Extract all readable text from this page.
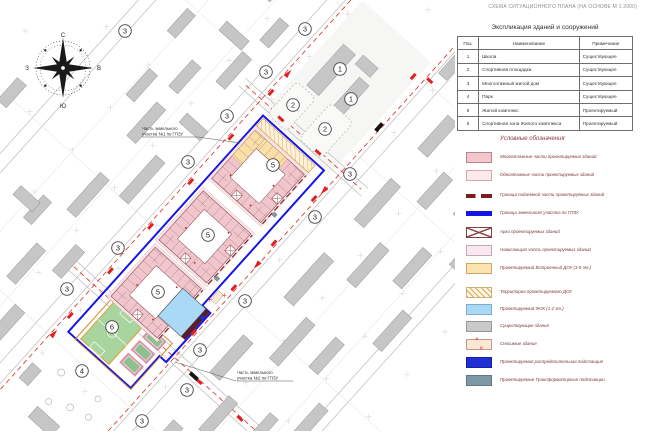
СХЕМА СИТУАЦИОННОГО ПЛАНА (НА ОСНОВЕ М 1:2000)
С
Ю
В
З	1
1
2
2
3
3
3
3
3
3
3
3
3
3
3
3
3
4
5
5
5
6
Часть земельного
участка №1 по ГПЗУ
Часть земельного
участка №2 по ГПЗУ
Экспликация зданий и сооружений
Поз.	Наименование	Примечание
1	Школа	Существующее
2	Спортивная площадка	Существующее
3	Многоэтажный жилой дом	Существующее
4	Парк	Существующее
5	Жилой комплекс	Проектируемый
6	Спортивная зона Жилого комплекса	Проектируемый
Условные обозначения
Многоэтажные части проектируемых зданий
Одноэтажные части проектируемых зданий
Граница подземной части проектируемых зданий
Граница земельного участка по ГПЗУ
Арки проектируемых зданий
Нависающая часть проектируемых зданий
Проектируемый Встроенный ДОУ (3-9 эт.)
Территория проектируемого ДОУ
Проектируемый ФОК (1-2 эт.)
Существующие здания
× ×
Сносимые здания
Проектируемая распределительная подстанция
Проектируемые Трансформаторные подстанции
